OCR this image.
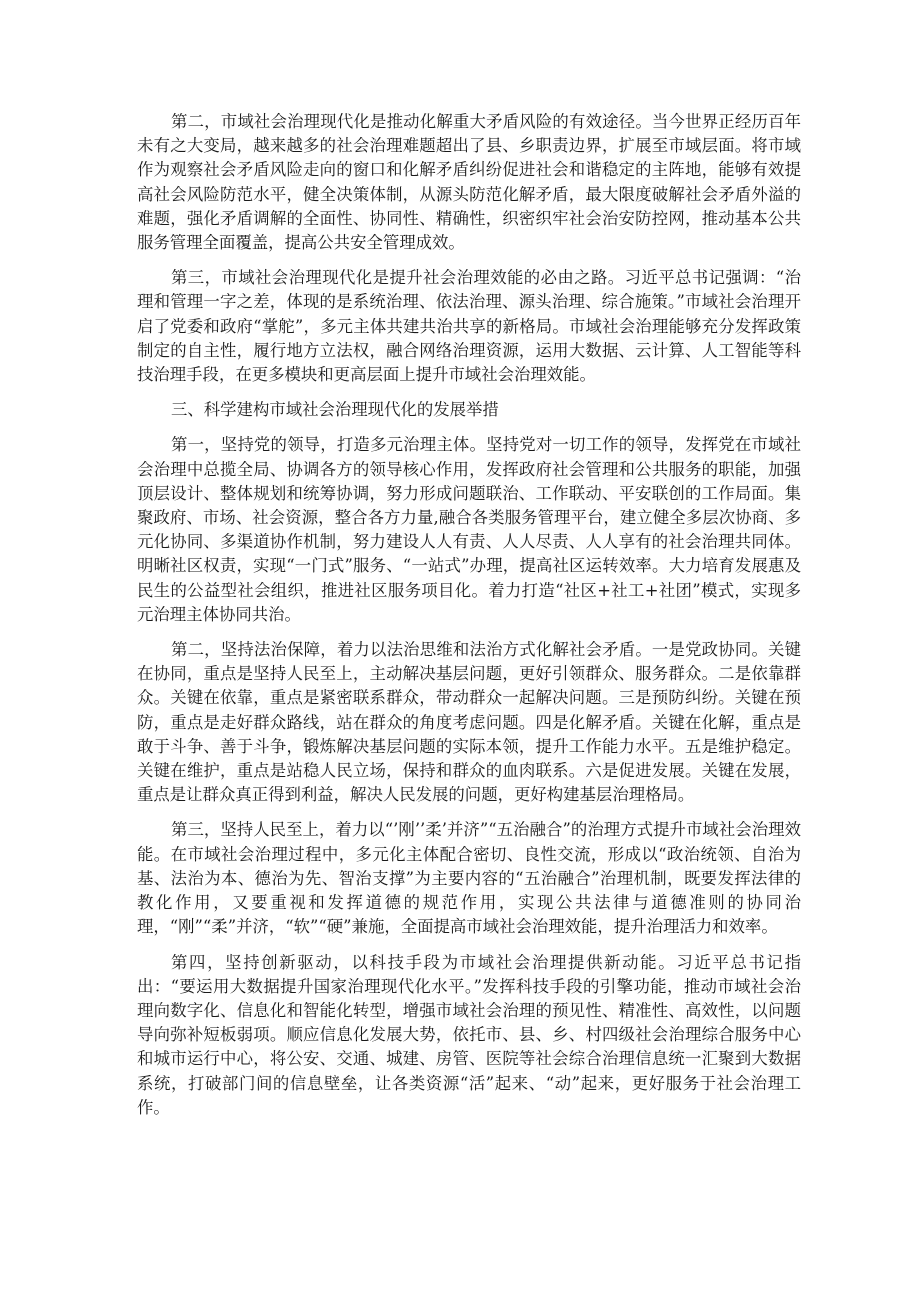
第二，市域社会治理现代化是推动化解重大矛盾风险的有效途径。当今世界正经历百年未有之大变局，越来越多的社会治理难题超出了县、乡职责边界，扩展至市域层面。将市域作为观察社会矛盾风险走向的窗口和化解矛盾纠纷促进社会和谐稳定的主阵地，能够有效提高社会风险防范水平，健全决策体制，从源头防范化解矛盾，最大限度破解社会矛盾外溢的难题，强化矛盾调解的全面性、协同性、精确性，织密织牢社会治安防控网，推动基本公共服务管理全面覆盖，提高公共安全管理成效。

第三，市域社会治理现代化是提升社会治理效能的必由之路。习近平总书记强调：“治理和管理一字之差，体现的是系统治理、依法治理、源头治理、综合施策。”市域社会治理开启了党委和政府“掌舵”，多元主体共建共治共享的新格局。市域社会治理能够充分发挥政策制定的自主性，履行地方立法权，融合网络治理资源，运用大数据、云计算、人工智能等科技治理手段，在更多模块和更高层面上提升市域社会治理效能。

三、科学建构市域社会治理现代化的发展举措

第一，坚持党的领导，打造多元治理主体。坚持党对一切工作的领导，发挥党在市域社会治理中总揽全局、协调各方的领导核心作用，发挥政府社会管理和公共服务的职能，加强顶层设计、整体规划和统筹协调，努力形成问题联治、工作联动、平安联创的工作局面。集聚政府、市场、社会资源，整合各方力量,融合各类服务管理平台，建立健全多层次协商、多元化协同、多渠道协作机制，努力建设人人有责、人人尽责、人人享有的社会治理共同体。明晰社区权责，实现“一门式”服务、“一站式”办理，提高社区运转效率。大力培育发展惠及民生的公益型社会组织，推进社区服务项目化。着力打造“社区+社工+社团”模式，实现多元治理主体协同共治。

第二，坚持法治保障，着力以法治思维和法治方式化解社会矛盾。一是党政协同。关键在协同，重点是坚持人民至上，主动解决基层问题，更好引领群众、服务群众。二是依靠群众。关键在依靠，重点是紧密联系群众，带动群众一起解决问题。三是预防纠纷。关键在预防，重点是走好群众路线，站在群众的角度考虑问题。四是化解矛盾。关键在化解，重点是敢于斗争、善于斗争，锻炼解决基层问题的实际本领，提升工作能力水平。五是维护稳定。关键在维护，重点是站稳人民立场，保持和群众的血肉联系。六是促进发展。关键在发展，重点是让群众真正得到利益，解决人民发展的问题，更好构建基层治理格局。

第三，坚持人民至上，着力以“’刚’’柔’并济”“五治融合”的治理方式提升市域社会治理效能。在市域社会治理过程中，多元化主体配合密切、良性交流，形成以“政治统领、自治为基、法治为本、德治为先、智治支撑”为主要内容的“五治融合”治理机制，既要发挥法律的教化作用，又要重视和发挥道德的规范作用，实现公共法律与道德准则的协同治理，“刚”“柔”并济，“软”“硬”兼施，全面提高市域社会治理效能，提升治理活力和效率。

第四，坚持创新驱动，以科技手段为市域社会治理提供新动能。习近平总书记指出：“要运用大数据提升国家治理现代化水平。”发挥科技手段的引擎功能，推动市域社会治理向数字化、信息化和智能化转型，增强市域社会治理的预见性、精准性、高效性，以问题导向弥补短板弱项。顺应信息化发展大势，依托市、县、乡、村四级社会治理综合服务中心和城市运行中心，将公安、交通、城建、房管、医院等社会综合治理信息统一汇聚到大数据系统，打破部门间的信息壁垒，让各类资源“活”起来、“动”起来，更好服务于社会治理工作。
